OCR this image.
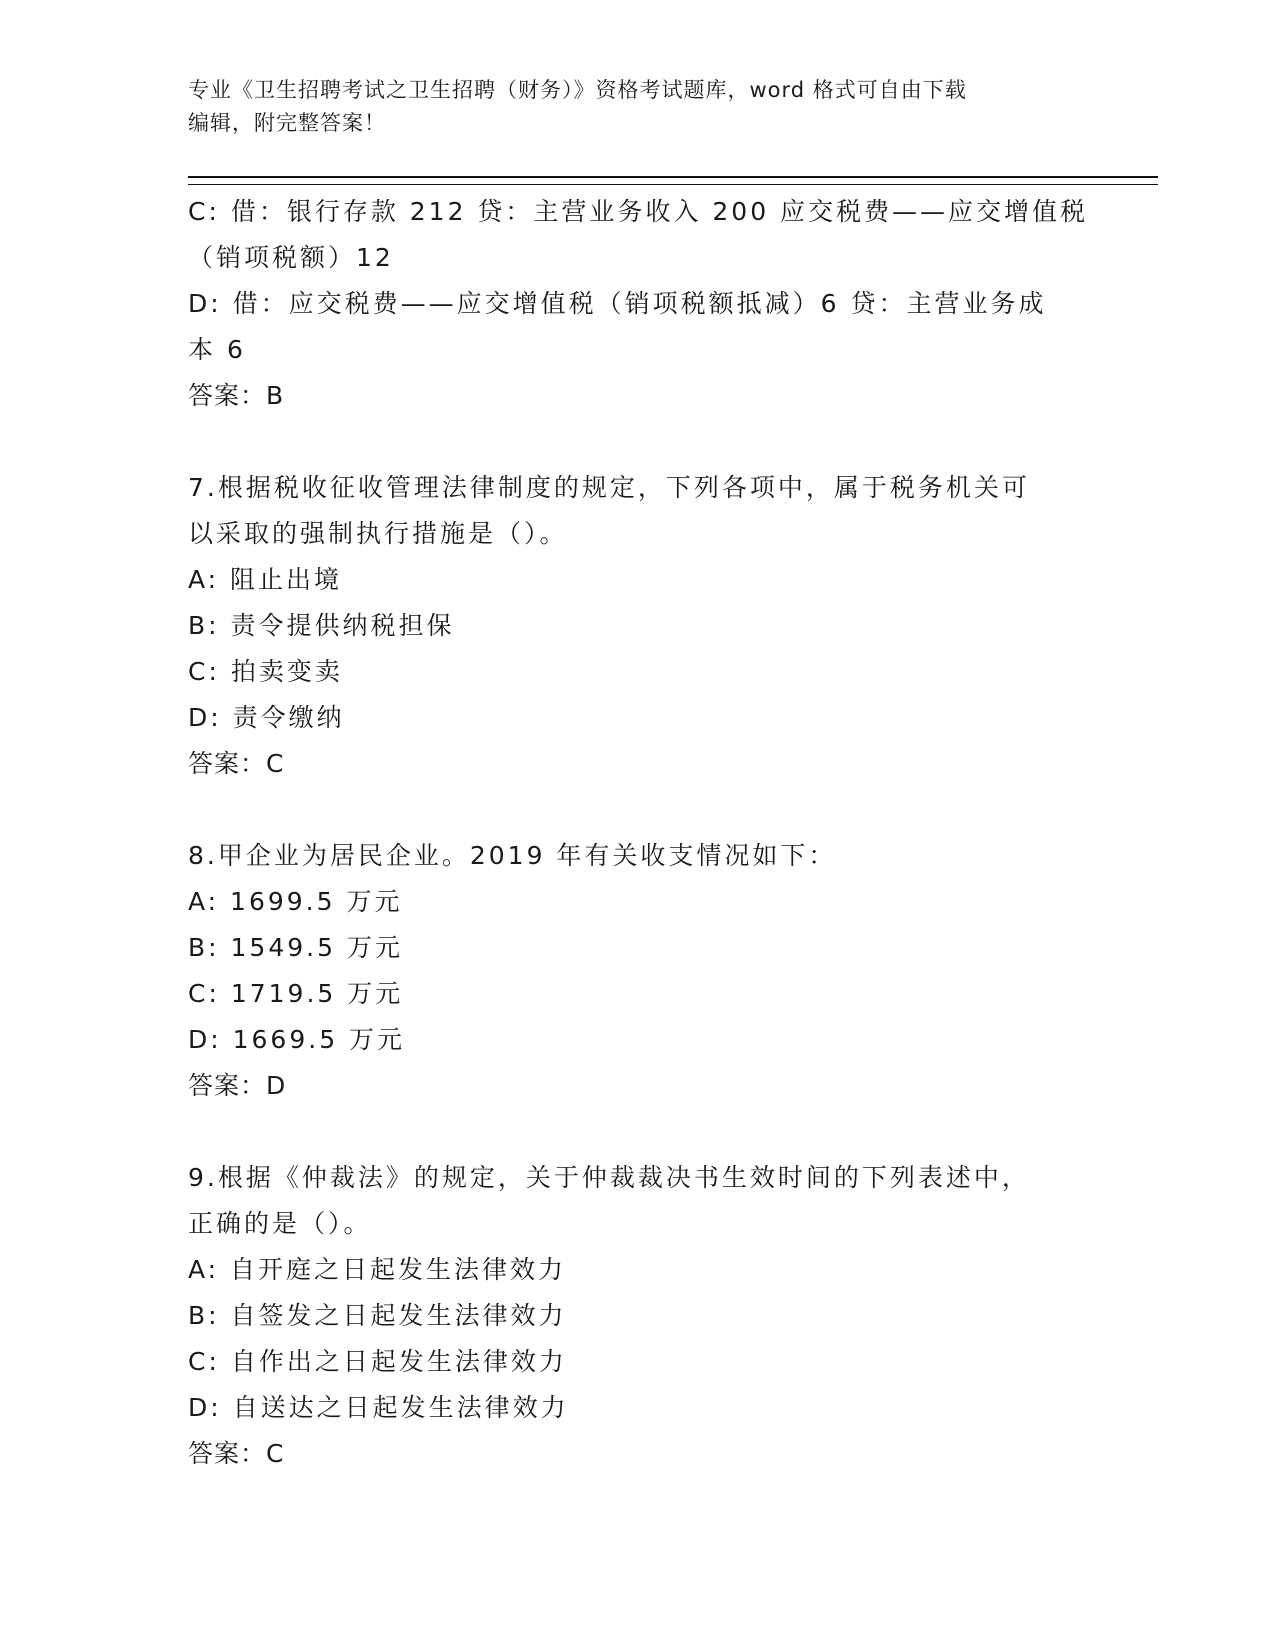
专业《卫生招聘考试之卫生招聘（财务）》资格考试题库，word 格式可自由下载
编辑，附完整答案！
C: 借：银行存款 212 贷：主营业务收入 200 应交税费——应交增值税
（销项税额）12
D: 借：应交税费——应交增值税（销项税额抵减）6 贷：主营业务成
本 6
答案：B
7.根据税收征收管理法律制度的规定，下列各项中，属于税务机关可
以采取的强制执行措施是（）。
A: 阻止出境
B: 责令提供纳税担保
C: 拍卖变卖
D: 责令缴纳
答案：C
8.甲企业为居民企业。2019 年有关收支情况如下：
A: 1699.5 万元
B: 1549.5 万元
C: 1719.5 万元
D: 1669.5 万元
答案：D
9.根据《仲裁法》的规定，关于仲裁裁决书生效时间的下列表述中，
正确的是（）。
A: 自开庭之日起发生法律效力
B: 自签发之日起发生法律效力
C: 自作出之日起发生法律效力
D: 自送达之日起发生法律效力
答案：C
